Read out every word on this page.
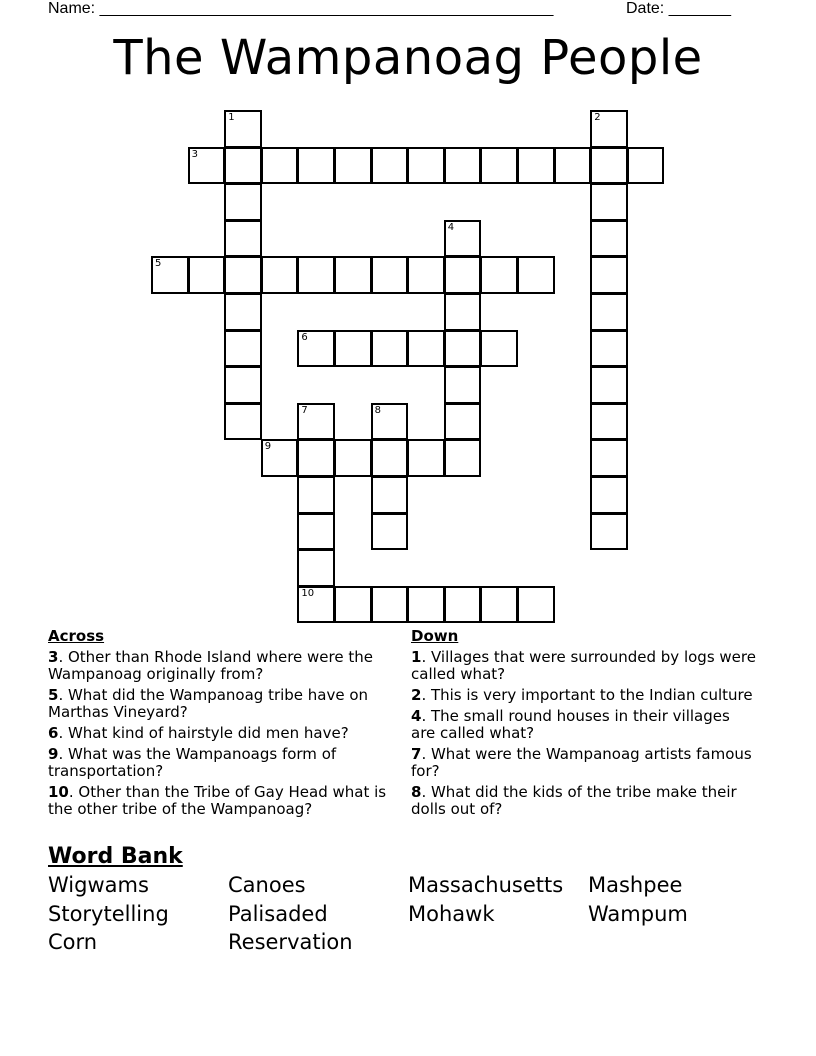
Name: ___________________________________________________	Date: _______
The Wampanoag People
1	2
3
4
5
6
7
10
8
9
Across
3. Other than Rhode Island where were the Wampanoag originally from?
5. What did the Wampanoag tribe have on Marthas Vineyard?
6. What kind of hairstyle did men have?
9. What was the Wampanoags form of transportation?
10. Other than the Tribe of Gay Head what is the other tribe of the Wampanoag?
Down
1. Villages that were surrounded by logs were called what?
2. This is very important to the Indian culture
4. The small round houses in their villages are called what?
7. What were the Wampanoag artists famous for?
8. What did the kids of the tribe make their dolls out of?
Word Bank
Wigwams	Canoes	Massachusetts Mashpee
Storytelling	Palisaded	Mohawk	Wampum
Corn	Reservation
